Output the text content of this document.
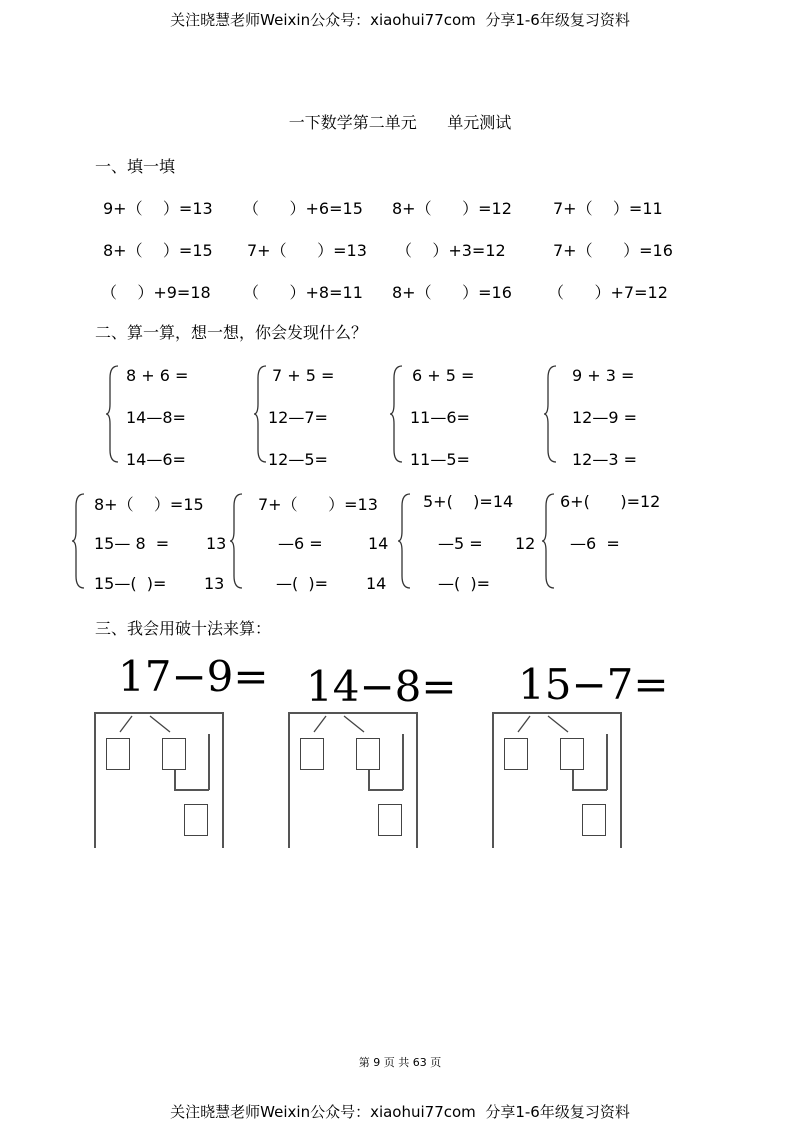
关注晓慧老师Weixin公众号：xiaohui77com  分享1-6年级复习资料
关注晓慧老师Weixin公众号：xiaohui77com  分享1-6年级复习资料
一下数学第二单元      单元测试
一、填一填
9+（    ）=13 （      ）+6=15 8+（      ）=12	7+（    ）=11
8+（    ）=15 7+（      ）=13 （    ）+3=12	7+（      ）=16
（    ）+9=18 （      ）+8=11 8+（      ）=16 （      ）+7=12
二、算一算，想一想，你会发现什么？
8 + 6 =
14—8=
14—6=
7 + 5 =
12—7=
12—5=
6 + 5 =
11—6=
11—5=
9 + 3 =
12—9 =
12—3 =
8+（    ）=15
15— 8  =
15—(  )=
13
13
7+（      ）=13
—6 =
—(  )=
14
14
5+(    )=14
—5 =
—(  )=
12
6+(      )=12
—6  =
三、我会用破十法来算：
17−9= 14−8= 15−7=
第 9 页 共 63 页
